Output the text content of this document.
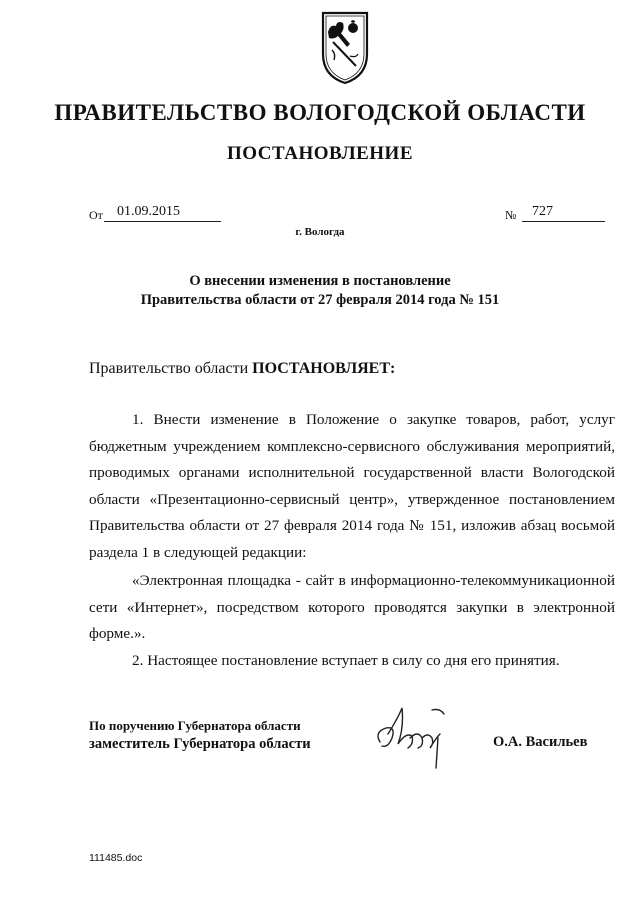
ПРАВИТЕЛЬСТВО ВОЛОГОДСКОЙ ОБЛАСТИ
ПОСТАНОВЛЕНИЕ
От 01.09.2015	№ 727
г. Вологда
О внесении изменения в постановление
Правительства области от 27 февраля 2014 года № 151
Правительство области ПОСТАНОВЛЯЕТ:
1. Внести изменение в Положение о закупке товаров, работ, услуг бюджетным учреждением комплексно-сервисного обслуживания мероприятий, проводимых органами исполнительной государственной власти Вологодской области «Презентационно-сервисный центр», утвержденное постановлением Правительства области от 27 февраля 2014 года № 151, изложив абзац восьмой раздела 1 в следующей редакции:
«Электронная площадка - сайт в информационно-телекоммуникационной сети «Интернет», посредством которого проводятся закупки в электронной форме.».
2. Настоящее постановление вступает в силу со дня его принятия.
По поручению Губернатора области
заместитель Губернатора области	О.А. Васильев
111485.doc
